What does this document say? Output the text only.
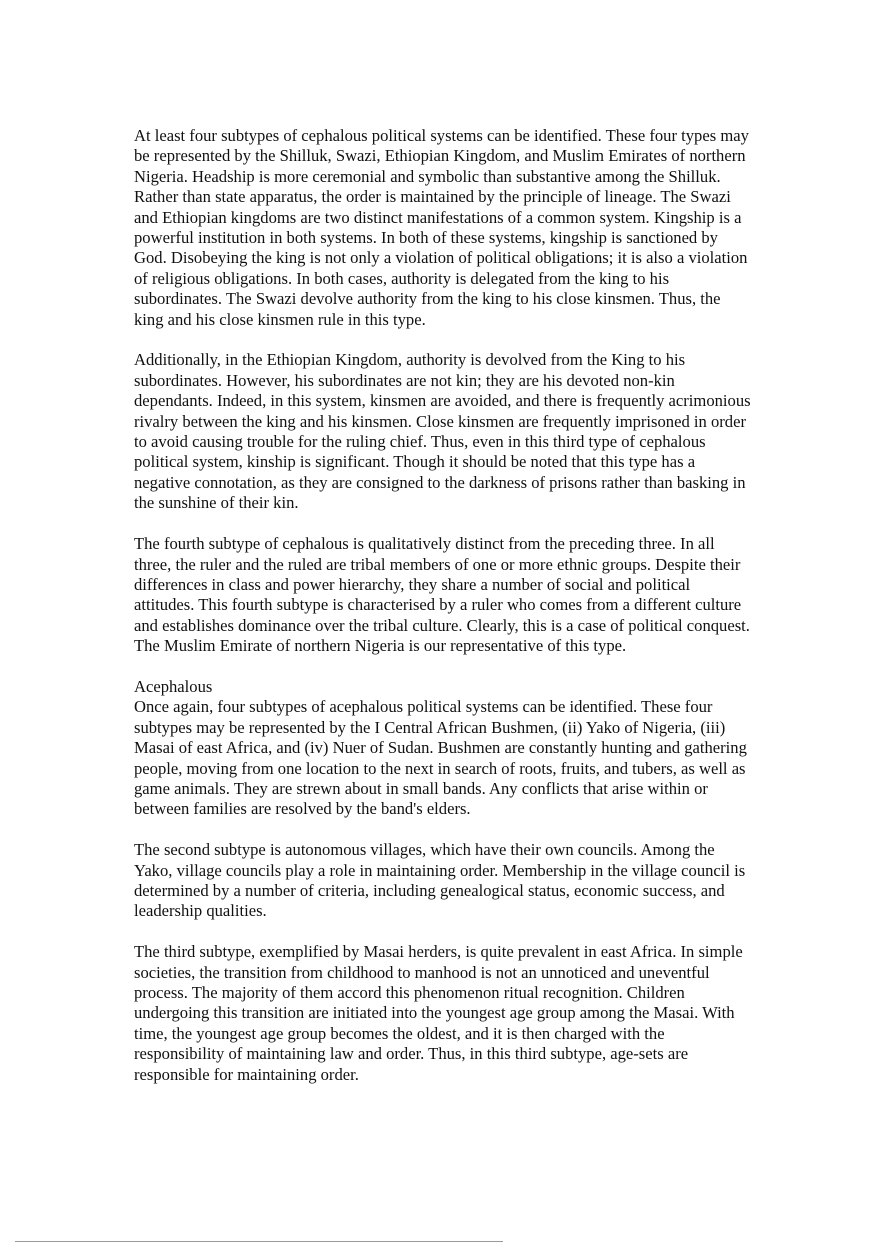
At least four subtypes of cephalous political systems can be identified. These four types may be represented by the Shilluk, Swazi, Ethiopian Kingdom, and Muslim Emirates of northern Nigeria. Headship is more ceremonial and symbolic than substantive among the Shilluk. Rather than state apparatus, the order is maintained by the principle of lineage. The Swazi and Ethiopian kingdoms are two distinct manifestations of a common system. Kingship is a powerful institution in both systems. In both of these systems, kingship is sanctioned by God. Disobeying the king is not only a violation of political obligations; it is also a violation of religious obligations. In both cases, authority is delegated from the king to his subordinates. The Swazi devolve authority from the king to his close kinsmen. Thus, the king and his close kinsmen rule in this type.

Additionally, in the Ethiopian Kingdom, authority is devolved from the King to his subordinates. However, his subordinates are not kin; they are his devoted non-kin dependants. Indeed, in this system, kinsmen are avoided, and there is frequently acrimonious rivalry between the king and his kinsmen. Close kinsmen are frequently imprisoned in order to avoid causing trouble for the ruling chief. Thus, even in this third type of cephalous political system, kinship is significant. Though it should be noted that this type has a negative connotation, as they are consigned to the darkness of prisons rather than basking in the sunshine of their kin.

The fourth subtype of cephalous is qualitatively distinct from the preceding three. In all three, the ruler and the ruled are tribal members of one or more ethnic groups. Despite their differences in class and power hierarchy, they share a number of social and political attitudes. This fourth subtype is characterised by a ruler who comes from a different culture and establishes dominance over the tribal culture. Clearly, this is a case of political conquest. The Muslim Emirate of northern Nigeria is our representative of this type.

Acephalous

Once again, four subtypes of acephalous political systems can be identified. These four subtypes may be represented by the I Central African Bushmen, (ii) Yako of Nigeria, (iii) Masai of east Africa, and (iv) Nuer of Sudan. Bushmen are constantly hunting and gathering people, moving from one location to the next in search of roots, fruits, and tubers, as well as game animals. They are strewn about in small bands. Any conflicts that arise within or between families are resolved by the band's elders.

The second subtype is autonomous villages, which have their own councils. Among the Yako, village councils play a role in maintaining order. Membership in the village council is determined by a number of criteria, including genealogical status, economic success, and leadership qualities.

The third subtype, exemplified by Masai herders, is quite prevalent in east Africa. In simple societies, the transition from childhood to manhood is not an unnoticed and uneventful process. The majority of them accord this phenomenon ritual recognition. Children undergoing this transition are initiated into the youngest age group among the Masai. With time, the youngest age group becomes the oldest, and it is then charged with the responsibility of maintaining law and order. Thus, in this third subtype, age-sets are responsible for maintaining order.
